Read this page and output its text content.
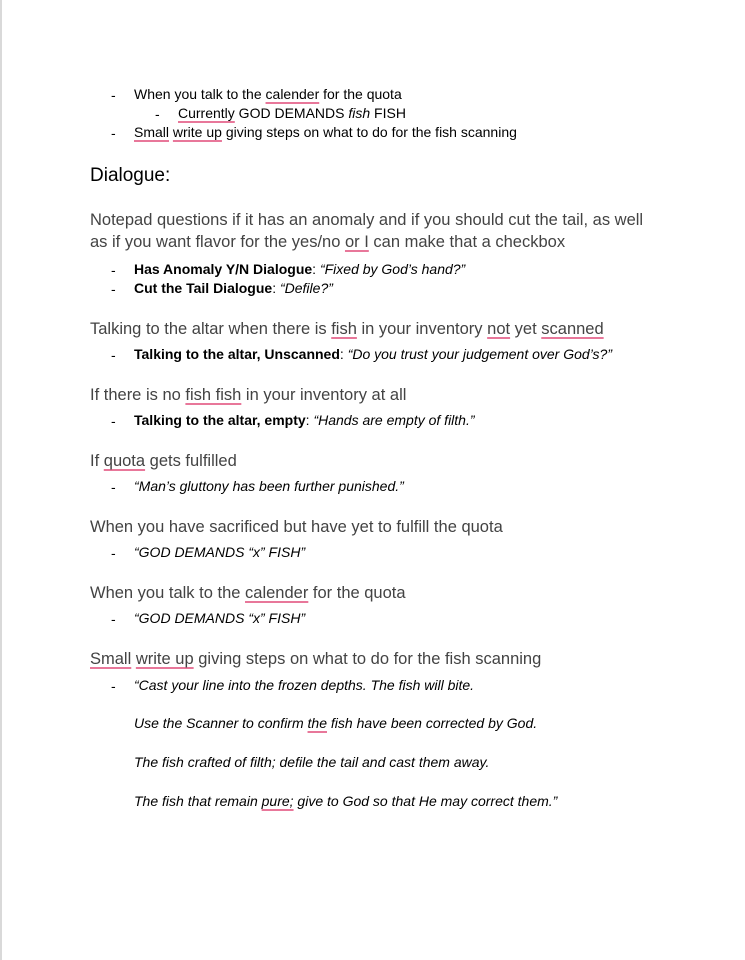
- When you talk to the calender for the quota
- Currently GOD DEMANDS fish FISH
- Small write up giving steps on what to do for the fish scanning
Dialogue:
Notepad questions if it has an anomaly and if you should cut the tail, as well as if you want flavor for the yes/no or I can make that a checkbox
- Has Anomaly Y/N Dialogue: “Fixed by God’s hand?”
- Cut the Tail Dialogue: “Defile?”
Talking to the altar when there is fish in your inventory not yet scanned
- Talking to the altar, Unscanned: “Do you trust your judgement over God’s?”
If there is no fish fish in your inventory at all
- Talking to the altar, empty: “Hands are empty of filth.”
If quota gets fulfilled
- “Man’s gluttony has been further punished.”
When you have sacrificed but have yet to fulfill the quota
- “GOD DEMANDS “x” FISH”
When you talk to the calender for the quota
- “GOD DEMANDS “x” FISH”
Small write up giving steps on what to do for the fish scanning
- “Cast your line into the frozen depths. The fish will bite.
Use the Scanner to confirm the fish have been corrected by God.
The fish crafted of filth; defile the tail and cast them away.
The fish that remain pure; give to God so that He may correct them.”
